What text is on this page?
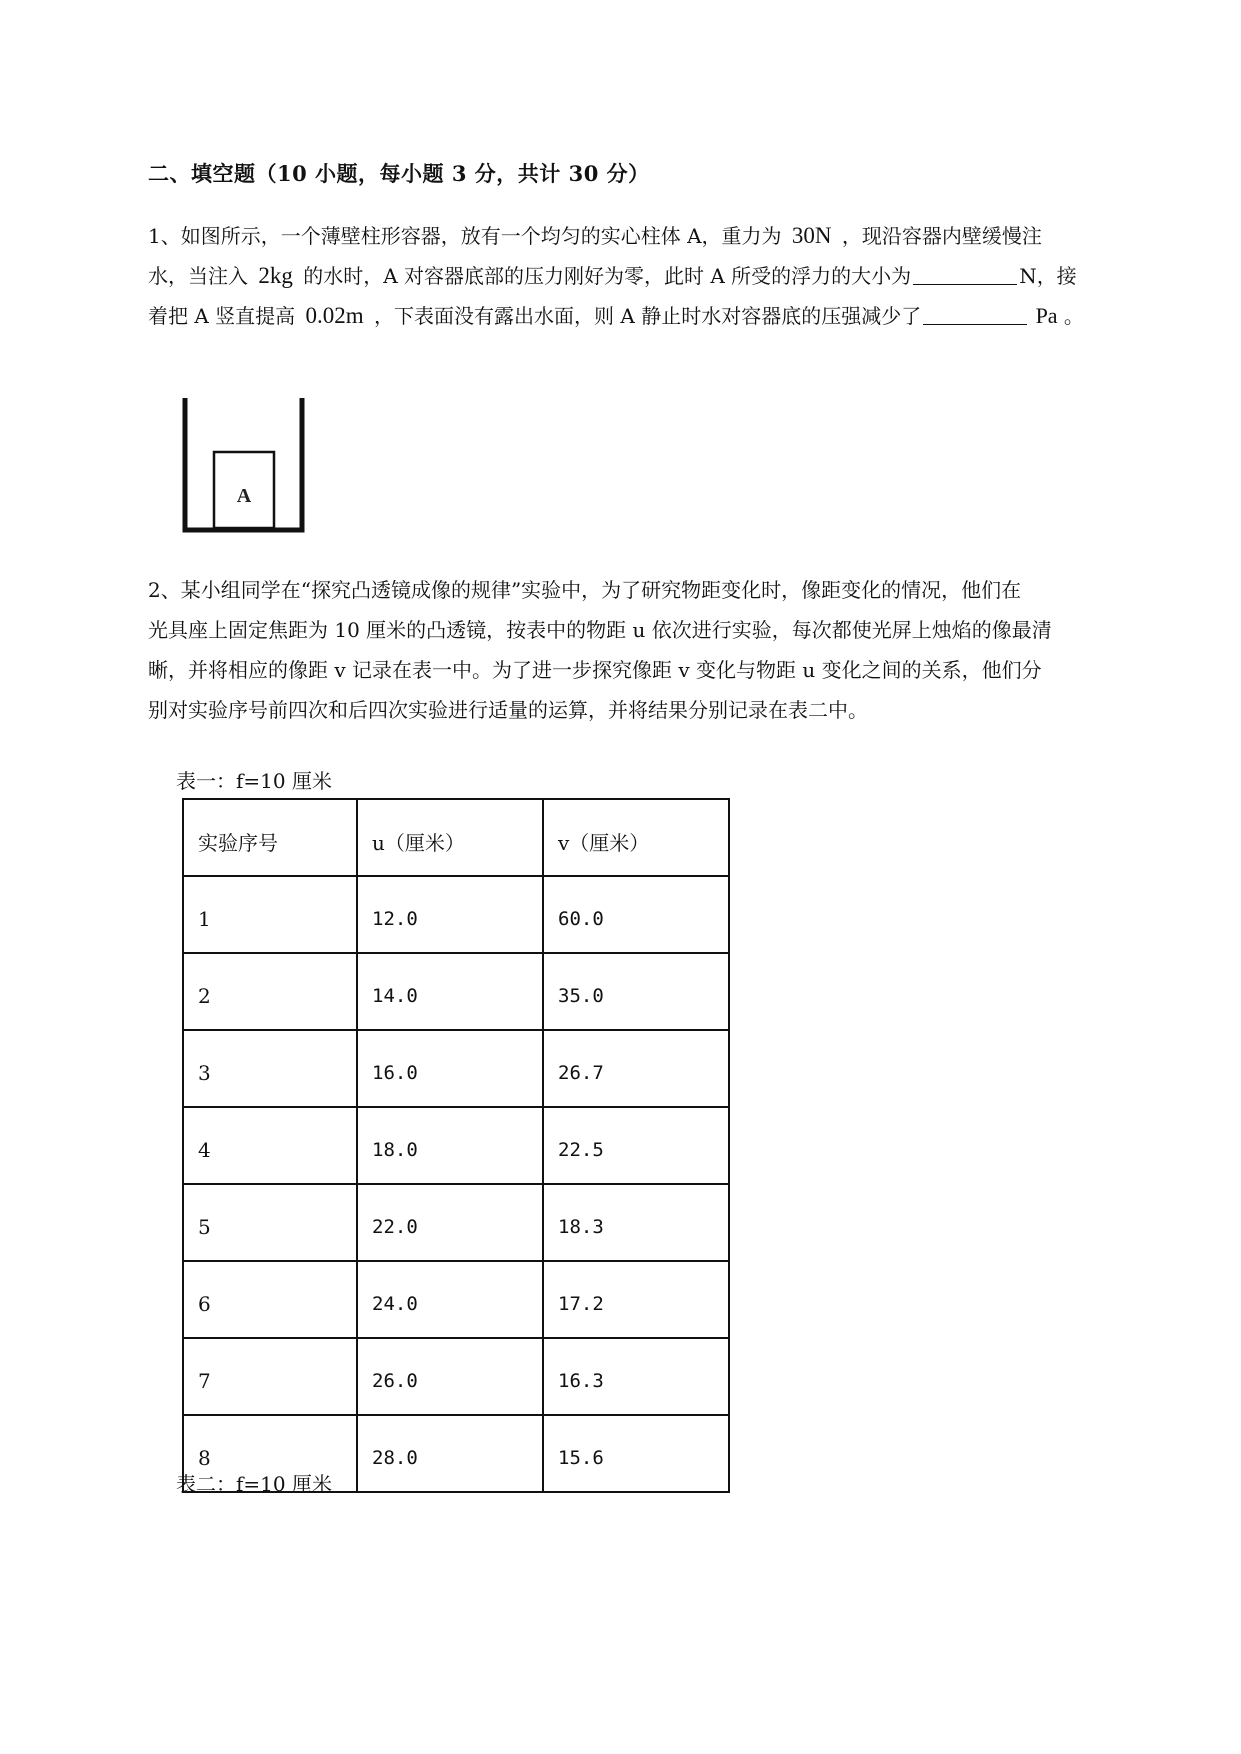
二、填空题（10 小题，每小题 3 分，共计 30 分）
1、如图所示，一个薄壁柱形容器，放有一个均匀的实心柱体 A，重力为 30N ，现沿容器内壁缓慢注
水，当注入 2kg 的水时，A 对容器底部的压力刚好为零，此时 A 所受的浮力的大小为	N，接
着把 A 竖直提高 0.02m ，下表面没有露出水面，则 A 静止时水对容器底的压强减少了	Pa 。
A
2、某小组同学在“探究凸透镜成像的规律”实验中，为了研究物距变化时，像距变化的情况，他们在
光具座上固定焦距为 10 厘米的凸透镜，按表中的物距 u 依次进行实验，每次都使光屏上烛焰的像最清
晰，并将相应的像距 v 记录在表一中。为了进一步探究像距 v 变化与物距 u 变化之间的关系，他们分
别对实验序号前四次和后四次实验进行适量的运算，并将结果分别记录在表二中。
表一：f=10 厘米
实验序号	u（厘米）	v（厘米）
1	12.0	60.0
2	14.0	35.0
3	16.0	26.7
4	18.0	22.5
5	22.0	18.3
6	24.0	17.2
7	26.0	16.3
8	28.0	15.6
表二：f=10 厘米
